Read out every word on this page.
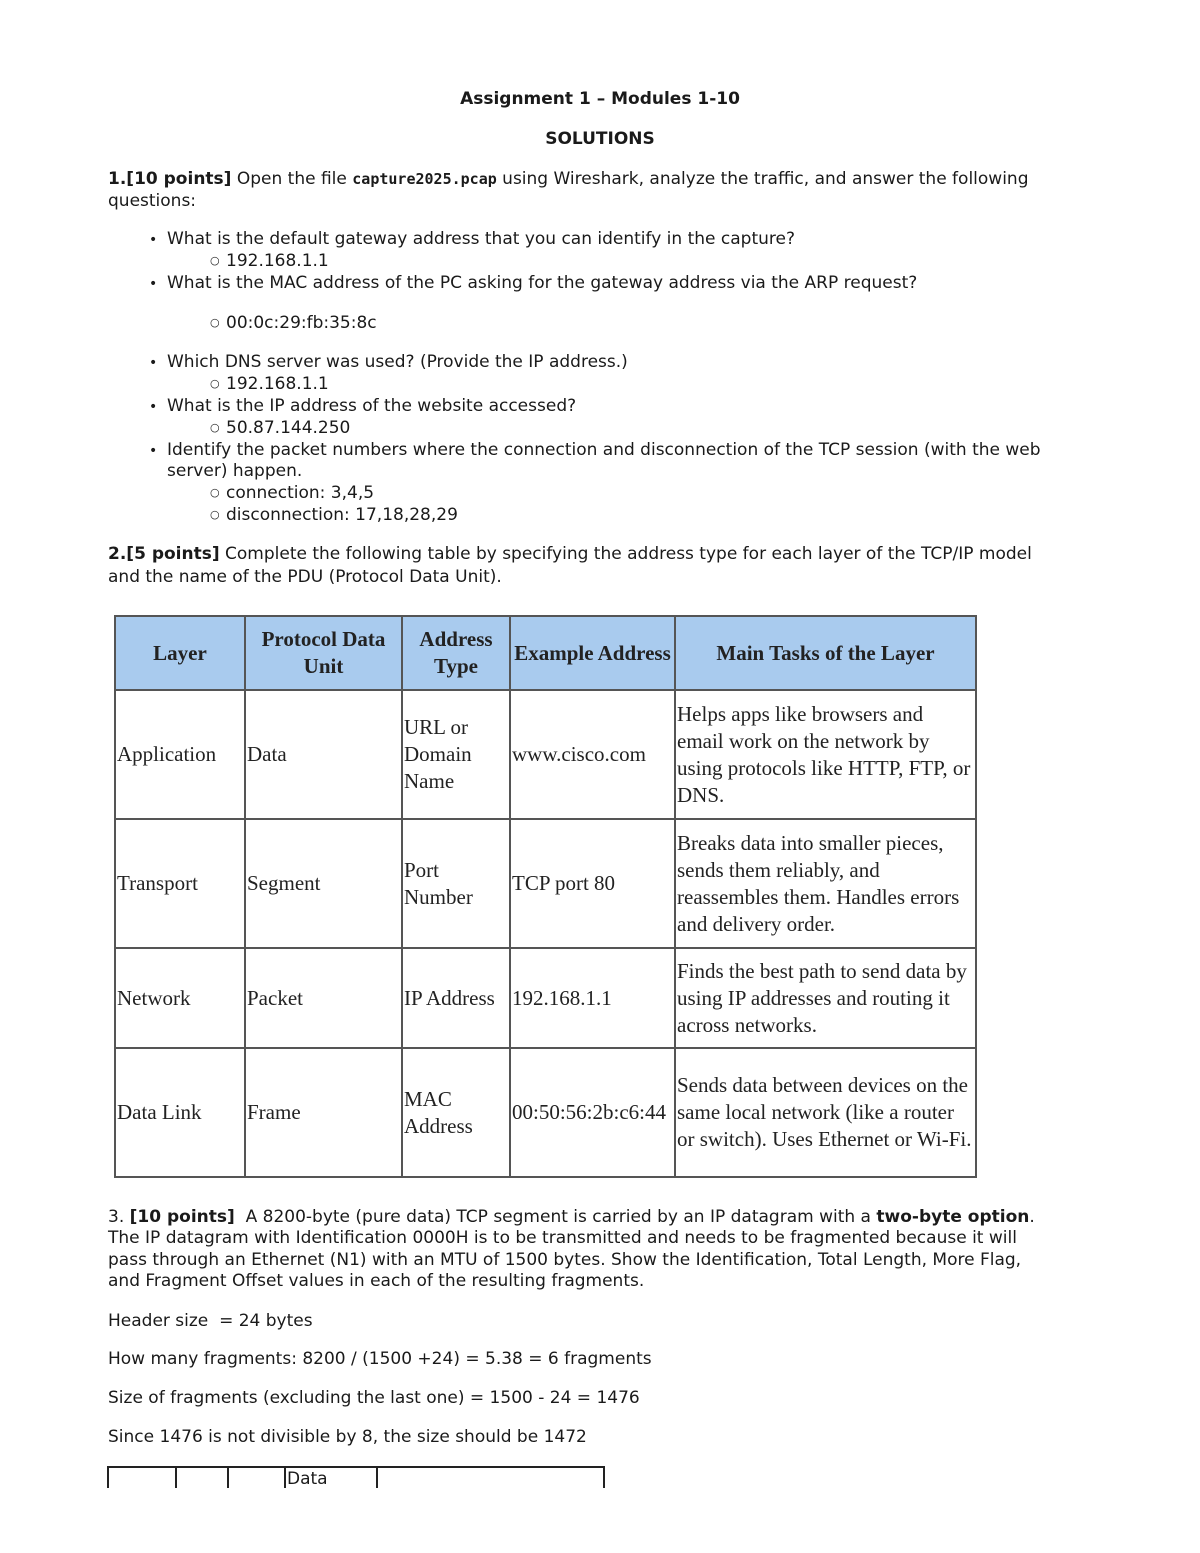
Assignment 1 – Modules 1-10
SOLUTIONS
1.[10 points] Open the file capture2025.pcap using Wireshark, analyze the traffic, and answer the following
questions:
• What is the default gateway address that you can identify in the capture?
○ 192.168.1.1
• What is the MAC address of the PC asking for the gateway address via the ARP request?
○ 00:0c:29:fb:35:8c
• Which DNS server was used? (Provide the IP address.)
○ 192.168.1.1
• What is the IP address of the website accessed?
○ 50.87.144.250
• Identify the packet numbers where the connection and disconnection of the TCP session (with the web
server) happen.
○ connection: 3,4,5
○ disconnection: 17,18,28,29
2.[5 points] Complete the following table by specifying the address type for each layer of the TCP/IP model
and the name of the PDU (Protocol Data Unit).
Layer	Protocol Data Unit	Address Type	Example Address	Main Tasks of the Layer
Application	Data	URL or Domain Name	www.cisco.com	Helps apps like browsers and email work on the network by using protocols like HTTP, FTP, or DNS.
Transport	Segment	Port Number	TCP port 80	Breaks data into smaller pieces, sends them reliably, and reassembles them. Handles errors and delivery order.
Network	Packet	IP Address	192.168.1.1	Finds the best path to send data by using IP addresses and routing it across networks.
Data Link	Frame	MAC Address	00:50:56:2b:c6:44	Sends data between devices on the same local network (like a router or switch). Uses Ethernet or Wi-Fi.
3. [10 points] A 8200-byte (pure data) TCP segment is carried by an IP datagram with a two-byte option.
The IP datagram with Identification 0000H is to be transmitted and needs to be fragmented because it will
pass through an Ethernet (N1) with an MTU of 1500 bytes. Show the Identification, Total Length, More Flag,
and Fragment Offset values in each of the resulting fragments.
Header size  = 24 bytes
How many fragments: 8200 / (1500 +24) = 5.38 = 6 fragments
Size of fragments (excluding the last one) = 1500 - 24 = 1476
Since 1476 is not divisible by 8, the size should be 1472
Data
